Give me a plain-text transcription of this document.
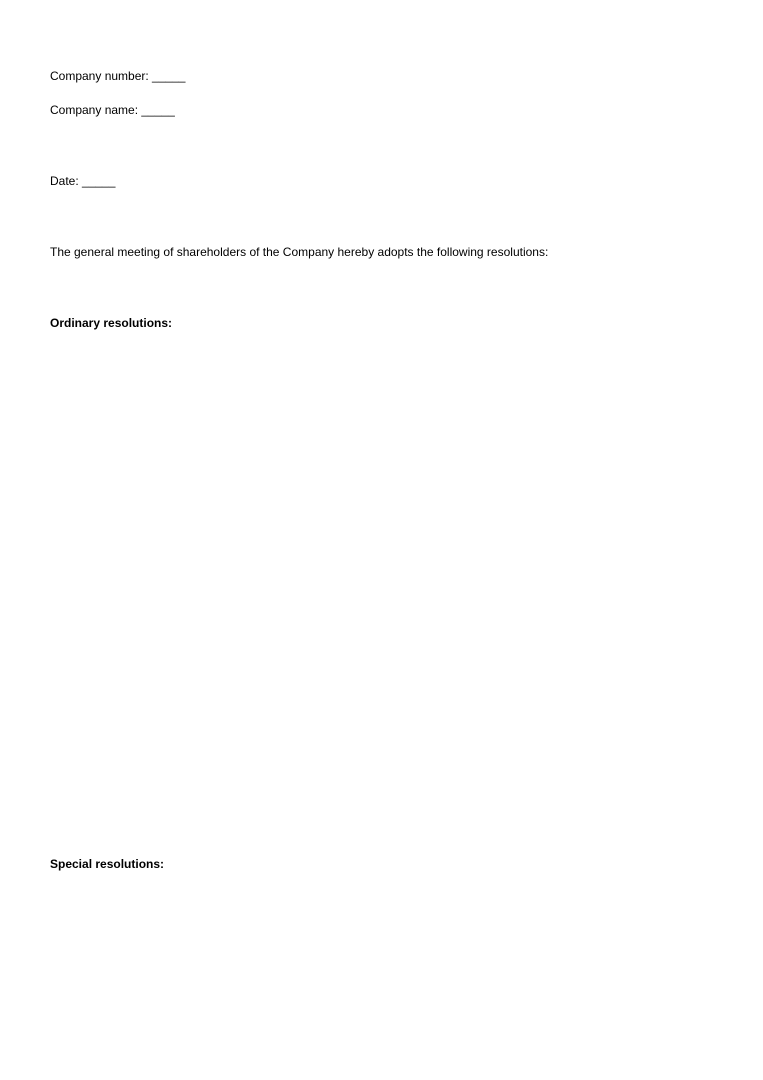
Company number: _____
Company name: _____
Date: _____
The general meeting of shareholders of the Company hereby adopts the following resolutions:
Ordinary resolutions:
Special resolutions:
